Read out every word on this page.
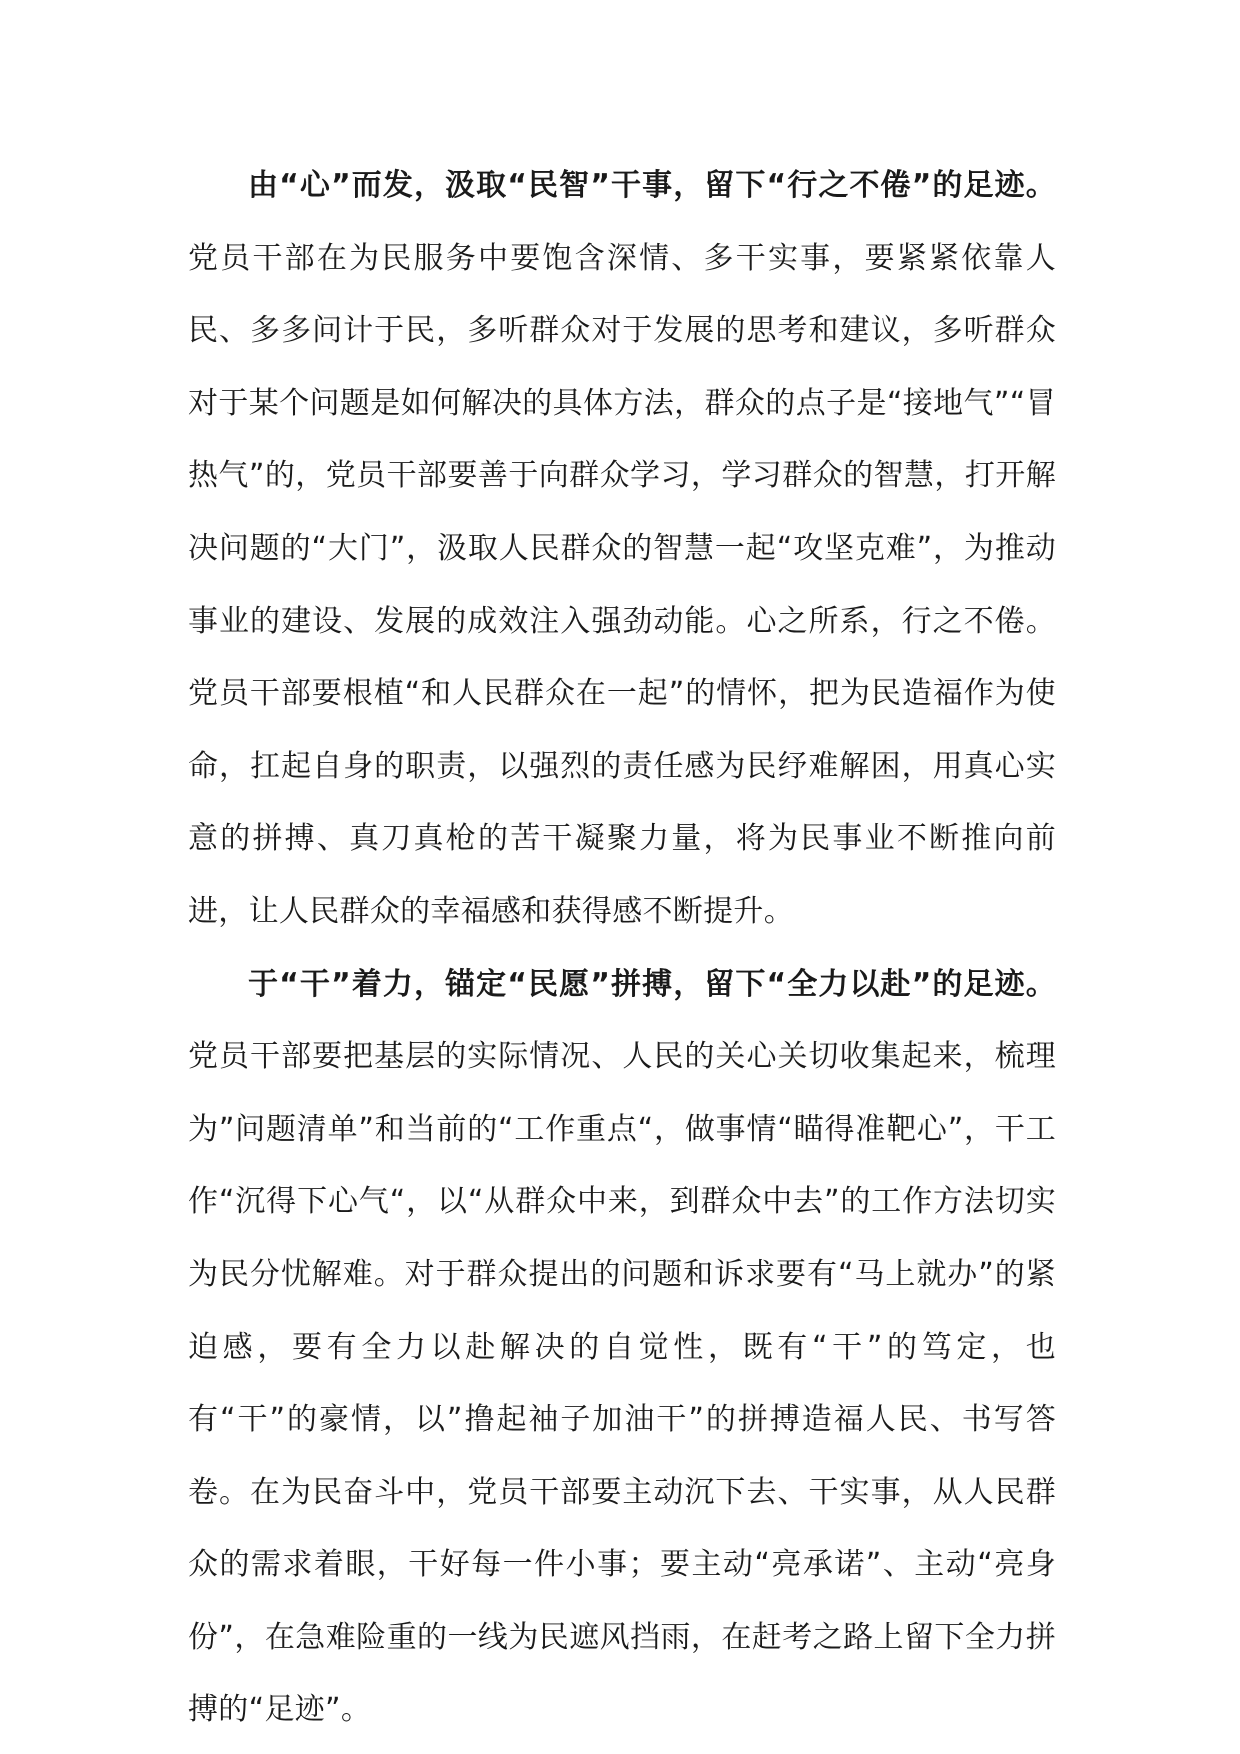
由“心”而发，汲取“民智”干事，留下“行之不倦”的足迹。党员干部在为民服务中要饱含深情、多干实事，要紧紧依靠人民、多多问计于民，多听群众对于发展的思考和建议，多听群众对于某个问题是如何解决的具体方法，群众的点子是“接地气”“冒热气”的，党员干部要善于向群众学习，学习群众的智慧，打开解决问题的“大门”，汲取人民群众的智慧一起“攻坚克难”，为推动事业的建设、发展的成效注入强劲动能。心之所系，行之不倦。党员干部要根植“和人民群众在一起”的情怀，把为民造福作为使命，扛起自身的职责，以强烈的责任感为民纾难解困，用真心实意的拼搏、真刀真枪的苦干凝聚力量，将为民事业不断推向前进，让人民群众的幸福感和获得感不断提升。

于“干”着力，锚定“民愿”拼搏，留下“全力以赴”的足迹。党员干部要把基层的实际情况、人民的关心关切收集起来，梳理为”问题清单”和当前的“工作重点“，做事情“瞄得准靶心”，干工作“沉得下心气“，以“从群众中来，到群众中去”的工作方法切实为民分忧解难。对于群众提出的问题和诉求要有“马上就办”的紧迫感，要有全力以赴解决的自觉性，既有“干”的笃定，也有“干”的豪情，以”撸起袖子加油干”的拼搏造福人民、书写答卷。在为民奋斗中，党员干部要主动沉下去、干实事，从人民群众的需求着眼，干好每一件小事；要主动“亮承诺”、主动“亮身份”，在急难险重的一线为民遮风挡雨，在赶考之路上留下全力拼搏的“足迹”。
